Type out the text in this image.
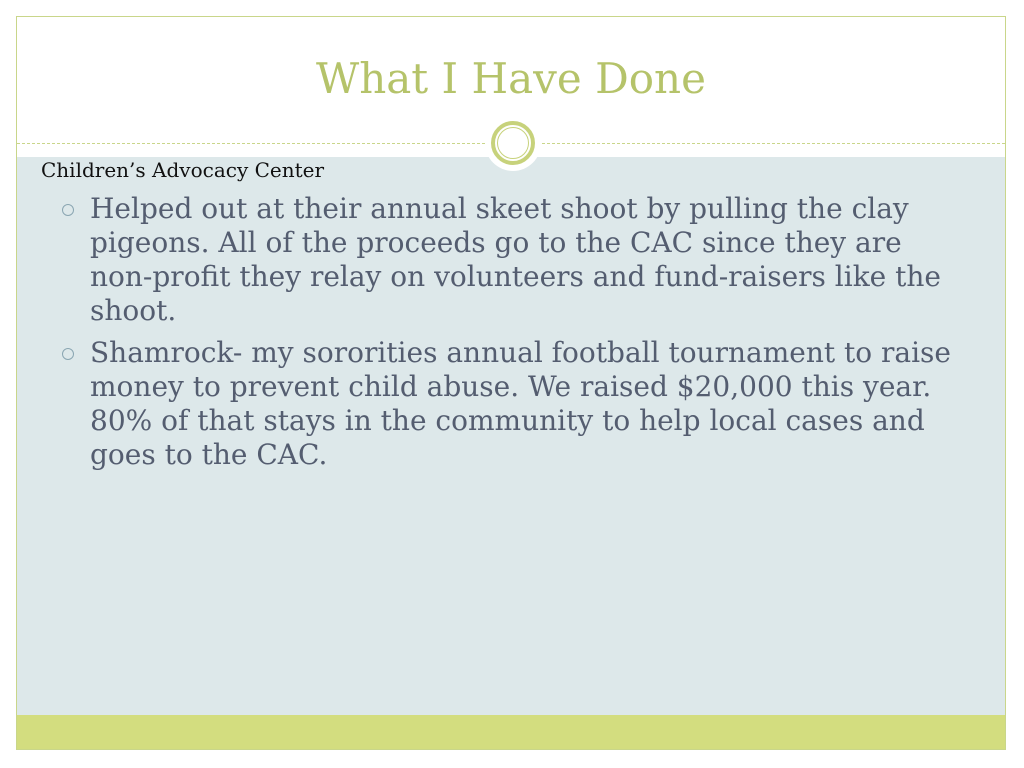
What I Have Done

Children’s Advocacy Center

Helped out at their annual skeet shoot by pulling the clay pigeons. All of the proceeds go to the CAC since they are non-profit they relay on volunteers and fund-raisers like the shoot.
Shamrock- my sororities annual football tournament to raise money to prevent child abuse. We raised $20,000 this year. 80% of that stays in the community to help local cases and goes to the CAC.
